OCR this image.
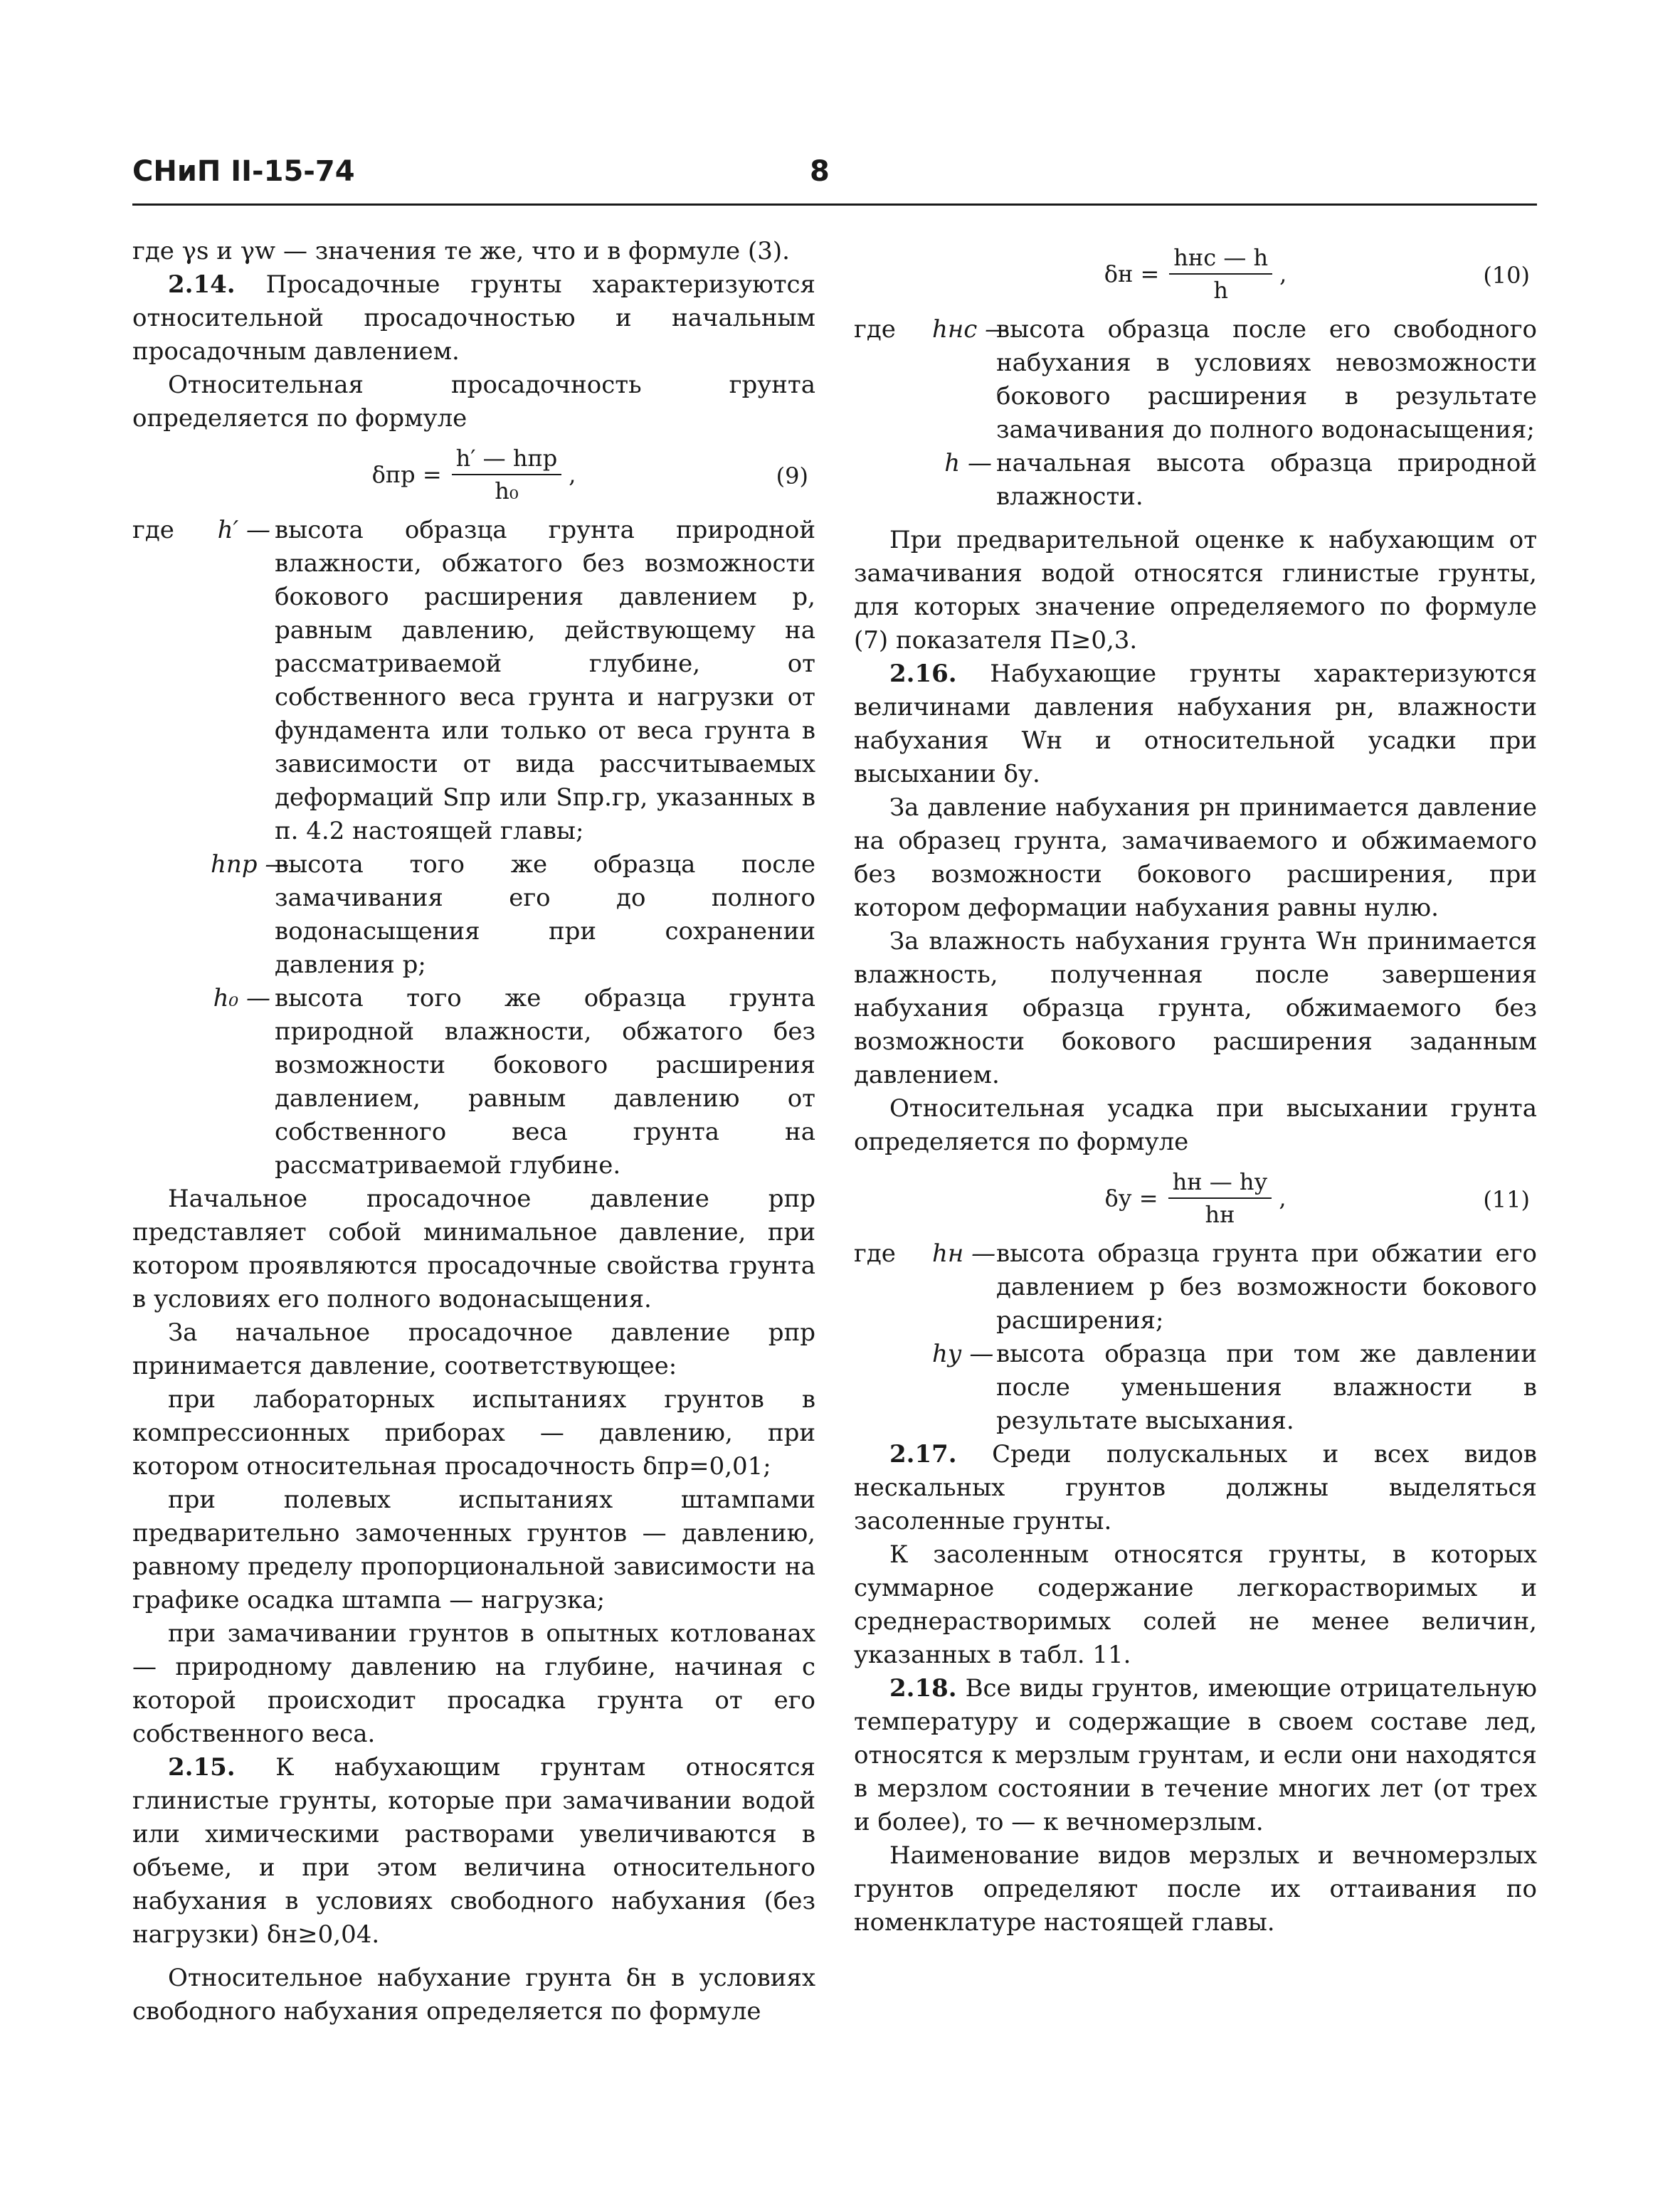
СНиП II-15-74	8

где γs и γw — значения те же, что и в формуле (3).

2.14. Просадочные грунты характеризуются относительной просадочностью и начальным просадочным давлением.

Относительная просадочность грунта определяется по формуле

$\delta пр = \frac{\text{h′ — hпр}}{\text{h₀}}$ ,	(9)
где	h′ — высота образца грунта природной влажности, обжатого без возможности бокового расширения давлением p, равным давлению, действующему на рассматриваемой глубине, от собственного веса грунта и нагрузки от фундамента или только от веса грунта в зависимости от вида рассчитываемых деформаций Sпр или Sпр.гр, указанных в п. 4.2 настоящей главы;
hпр —
высота того же образца после замачивания его до полного водонасыщения при сохранении давления p;
h₀ — высота того же образца грунта природной влажности, обжатого без возможности бокового расширения давлением, равным давлению от собственного веса грунта на рассматриваемой глубине.

Начальное просадочное давление pпр представляет собой минимальное давление, при котором проявляются просадочные свойства грунта в условиях его полного водонасыщения.

За начальное просадочное давление pпр принимается давление, соответствующее:

при лабораторных испытаниях грунтов в компрессионных приборах — давлению, при котором относительная просадочность δпр=0,01;

при полевых испытаниях штампами предварительно замоченных грунтов — давлению, равному пределу пропорциональной зависимости на графике осадка штампа — нагрузка;

при замачивании грунтов в опытных котлованах — природному давлению на глубине, начиная с которой происходит просадка грунта от его собственного веса.

2.15. К набухающим грунтам относятся глинистые грунты, которые при замачивании водой или химическими растворами увеличиваются в объеме, и при этом величина относительного набухания в условиях свободного набухания (без нагрузки) δн≥0,04.

Относительное набухание грунта δн в условиях свободного набухания определяется по формуле

$\delta н = \frac{\text{hнс — h}}{h}$ ,	(10)
где	hнс —
высота образца после его свободного набухания в условиях невозможности бокового расширения в результате замачивания до полного водонасыщения;
h — начальная высота образца природной влажности.

При предварительной оценке к набухающим от замачивания водой относятся глинистые грунты, для которых значение определяемого по формуле (7) показателя П≥0,3.

2.16. Набухающие грунты характеризуются величинами давления набухания pн, влажности набухания Wн и относительной усадки при высыхании δу.

За давление набухания pн принимается давление на образец грунта, замачиваемого и обжимаемого без возможности бокового расширения, при котором деформации набухания равны нулю.

За влажность набухания грунта Wн принимается влажность, полученная после завершения набухания образца грунта, обжимаемого без возможности бокового расширения заданным давлением.

Относительная усадка при высыхании грунта определяется по формуле

$\delta у = \frac{hн — hу}{hн}$ ,	(11)
где	hн — высота образца грунта при обжатии его давлением p без возможности бокового расширения;
hу — высота образца при том же давлении после уменьшения влажности в результате высыхания.

2.17. Среди полускальных и всех видов нескальных грунтов должны выделяться засоленные грунты.

К засоленным относятся грунты, в которых суммарное содержание легкорастворимых и среднерастворимых солей не менее величин, указанных в табл. 11.

2.18. Все виды грунтов, имеющие отрицательную температуру и содержащие в своем составе лед, относятся к мерзлым грунтам, и если они находятся в мерзлом состоянии в течение многих лет (от трех и более), то — к вечномерзлым.

Наименование видов мерзлых и вечномерзлых грунтов определяют после их оттаивания по номенклатуре настоящей главы.
